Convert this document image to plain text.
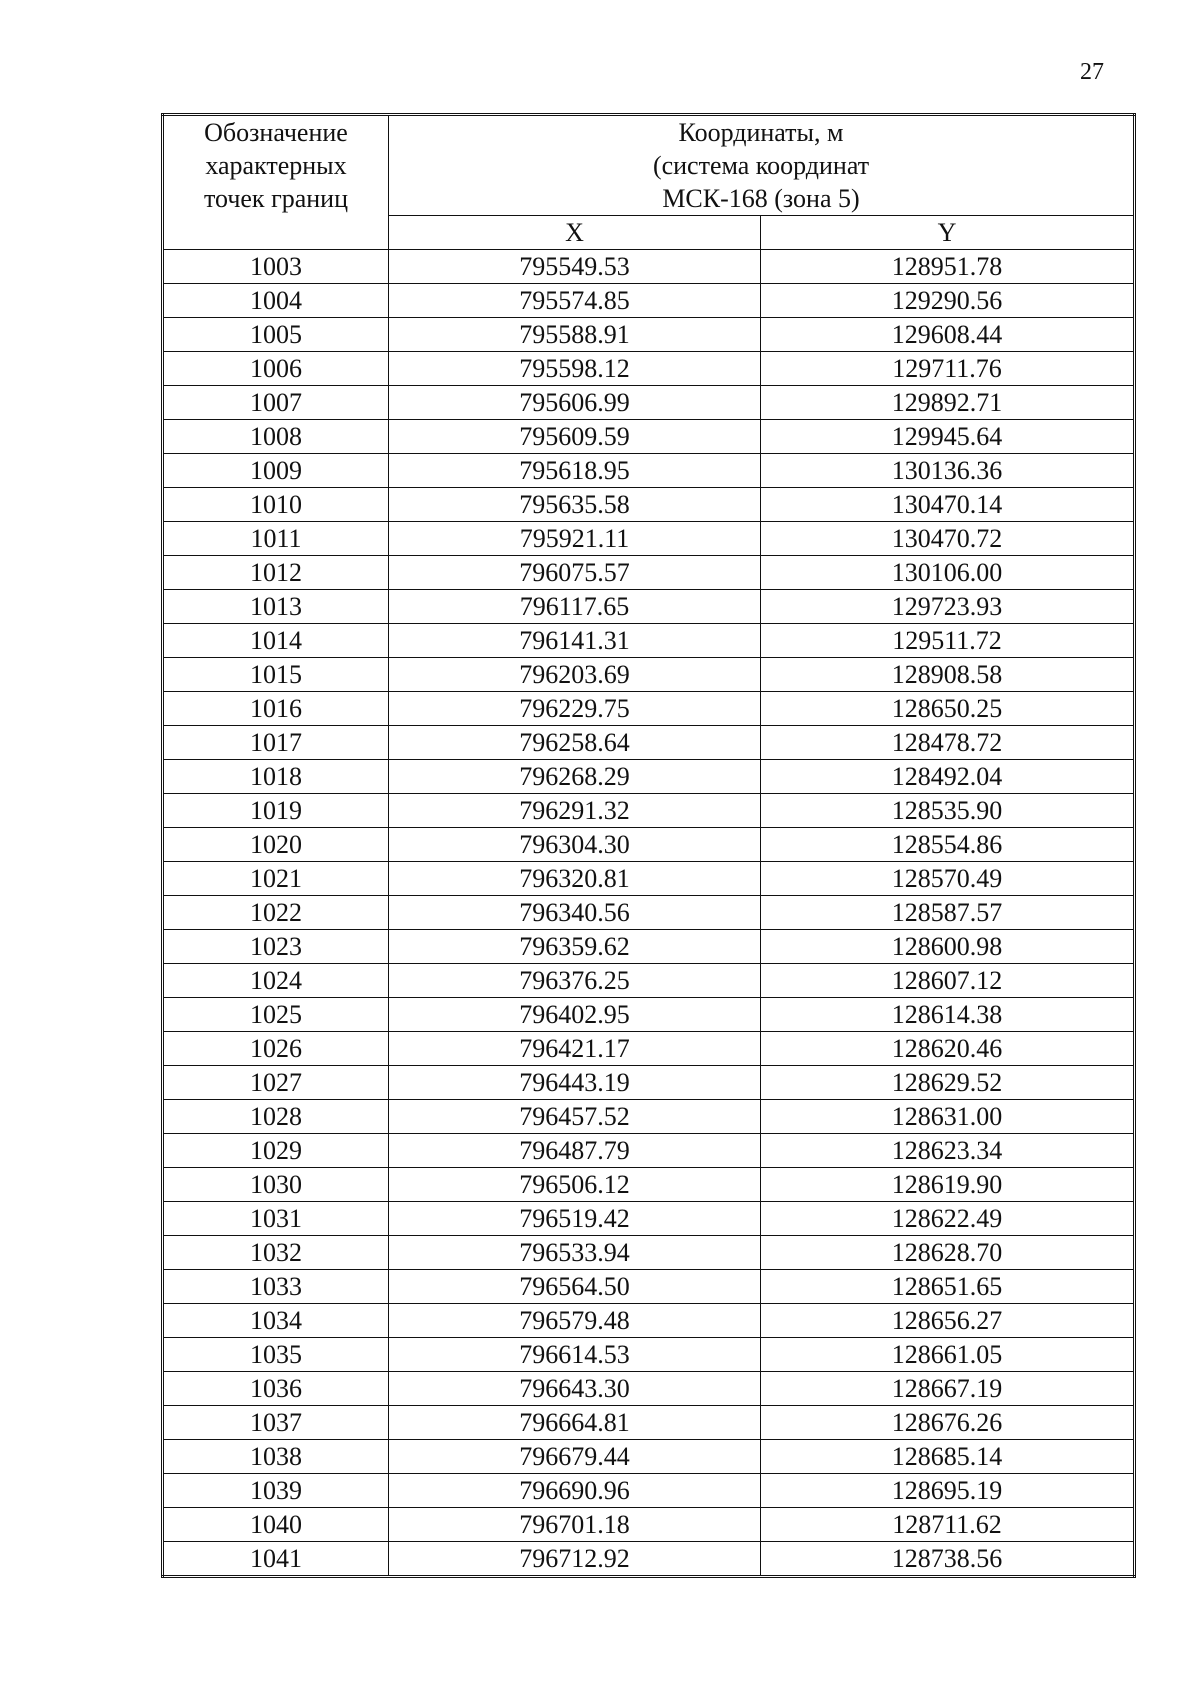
27
Обозначение
характерных
точек границ	Координаты, м
(система координат
МСК-168 (зона 5)	

	X	Y
1003	795549.53	128951.78
1004	795574.85	129290.56
1005	795588.91	129608.44
1006	795598.12	129711.76
1007	795606.99	129892.71
1008	795609.59	129945.64
1009	795618.95	130136.36
1010	795635.58	130470.14
1011	795921.11	130470.72
1012	796075.57	130106.00
1013	796117.65	129723.93
1014	796141.31	129511.72
1015	796203.69	128908.58
1016	796229.75	128650.25
1017	796258.64	128478.72
1018	796268.29	128492.04
1019	796291.32	128535.90
1020	796304.30	128554.86
1021	796320.81	128570.49
1022	796340.56	128587.57
1023	796359.62	128600.98
1024	796376.25	128607.12
1025	796402.95	128614.38
1026	796421.17	128620.46
1027	796443.19	128629.52
1028	796457.52	128631.00
1029	796487.79	128623.34
1030	796506.12	128619.90
1031	796519.42	128622.49
1032	796533.94	128628.70
1033	796564.50	128651.65
1034	796579.48	128656.27
1035	796614.53	128661.05
1036	796643.30	128667.19
1037	796664.81	128676.26
1038	796679.44	128685.14
1039	796690.96	128695.19
1040	796701.18	128711.62
1041	796712.92	128738.56
